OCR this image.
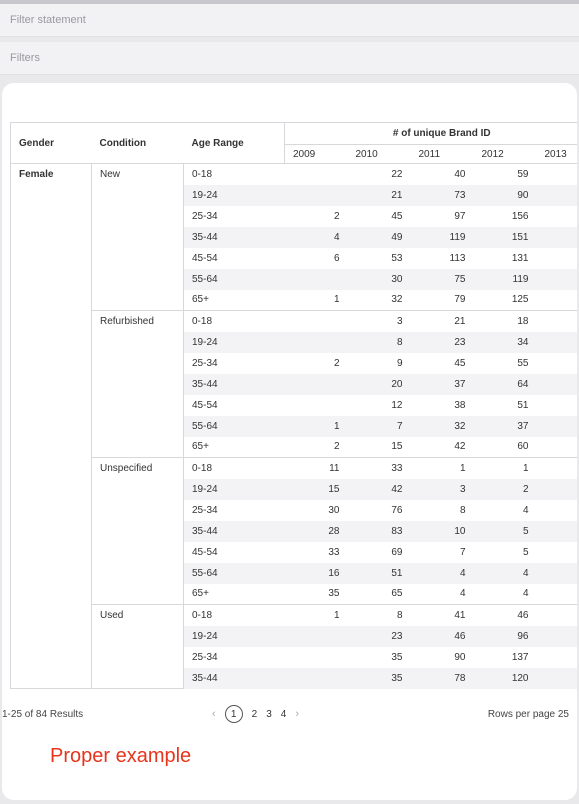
Filter statement
Filters
Gender	Condition	Age Range	# of unique Brand ID				
			2009	2010	2011	2012	2013
Female	New	0-18		22	40	59	
		19-24		21	73	90	
		25-34	2	45	97	156	
		35-44	4	49	119	151	
		45-54	6	53	113	131	
		55-64		30	75	119	
		65+	1	32	79	125	
	Refurbished	0-18		3	21	18	
		19-24		8	23	34	
		25-34	2	9	45	55	
		35-44		20	37	64	
		45-54		12	38	51	
		55-64	1	7	32	37	
		65+	2	15	42	60	
	Unspecified	0-18	11	33	1	1	
		19-24	15	42	3	2	
		25-34	30	76	8	4	
		35-44	28	83	10	5	
		45-54	33	69	7	5	
		55-64	16	51	4	4	
		65+	35	65	4	4	
	Used	0-18	1	8	41	46	
		19-24		23	46	96	
		25-34		35	90	137	
		35-44		35	78	120	
1-25 of 84 Results	‹	1	2 3 4 ›	Rows per page 25
Proper example
